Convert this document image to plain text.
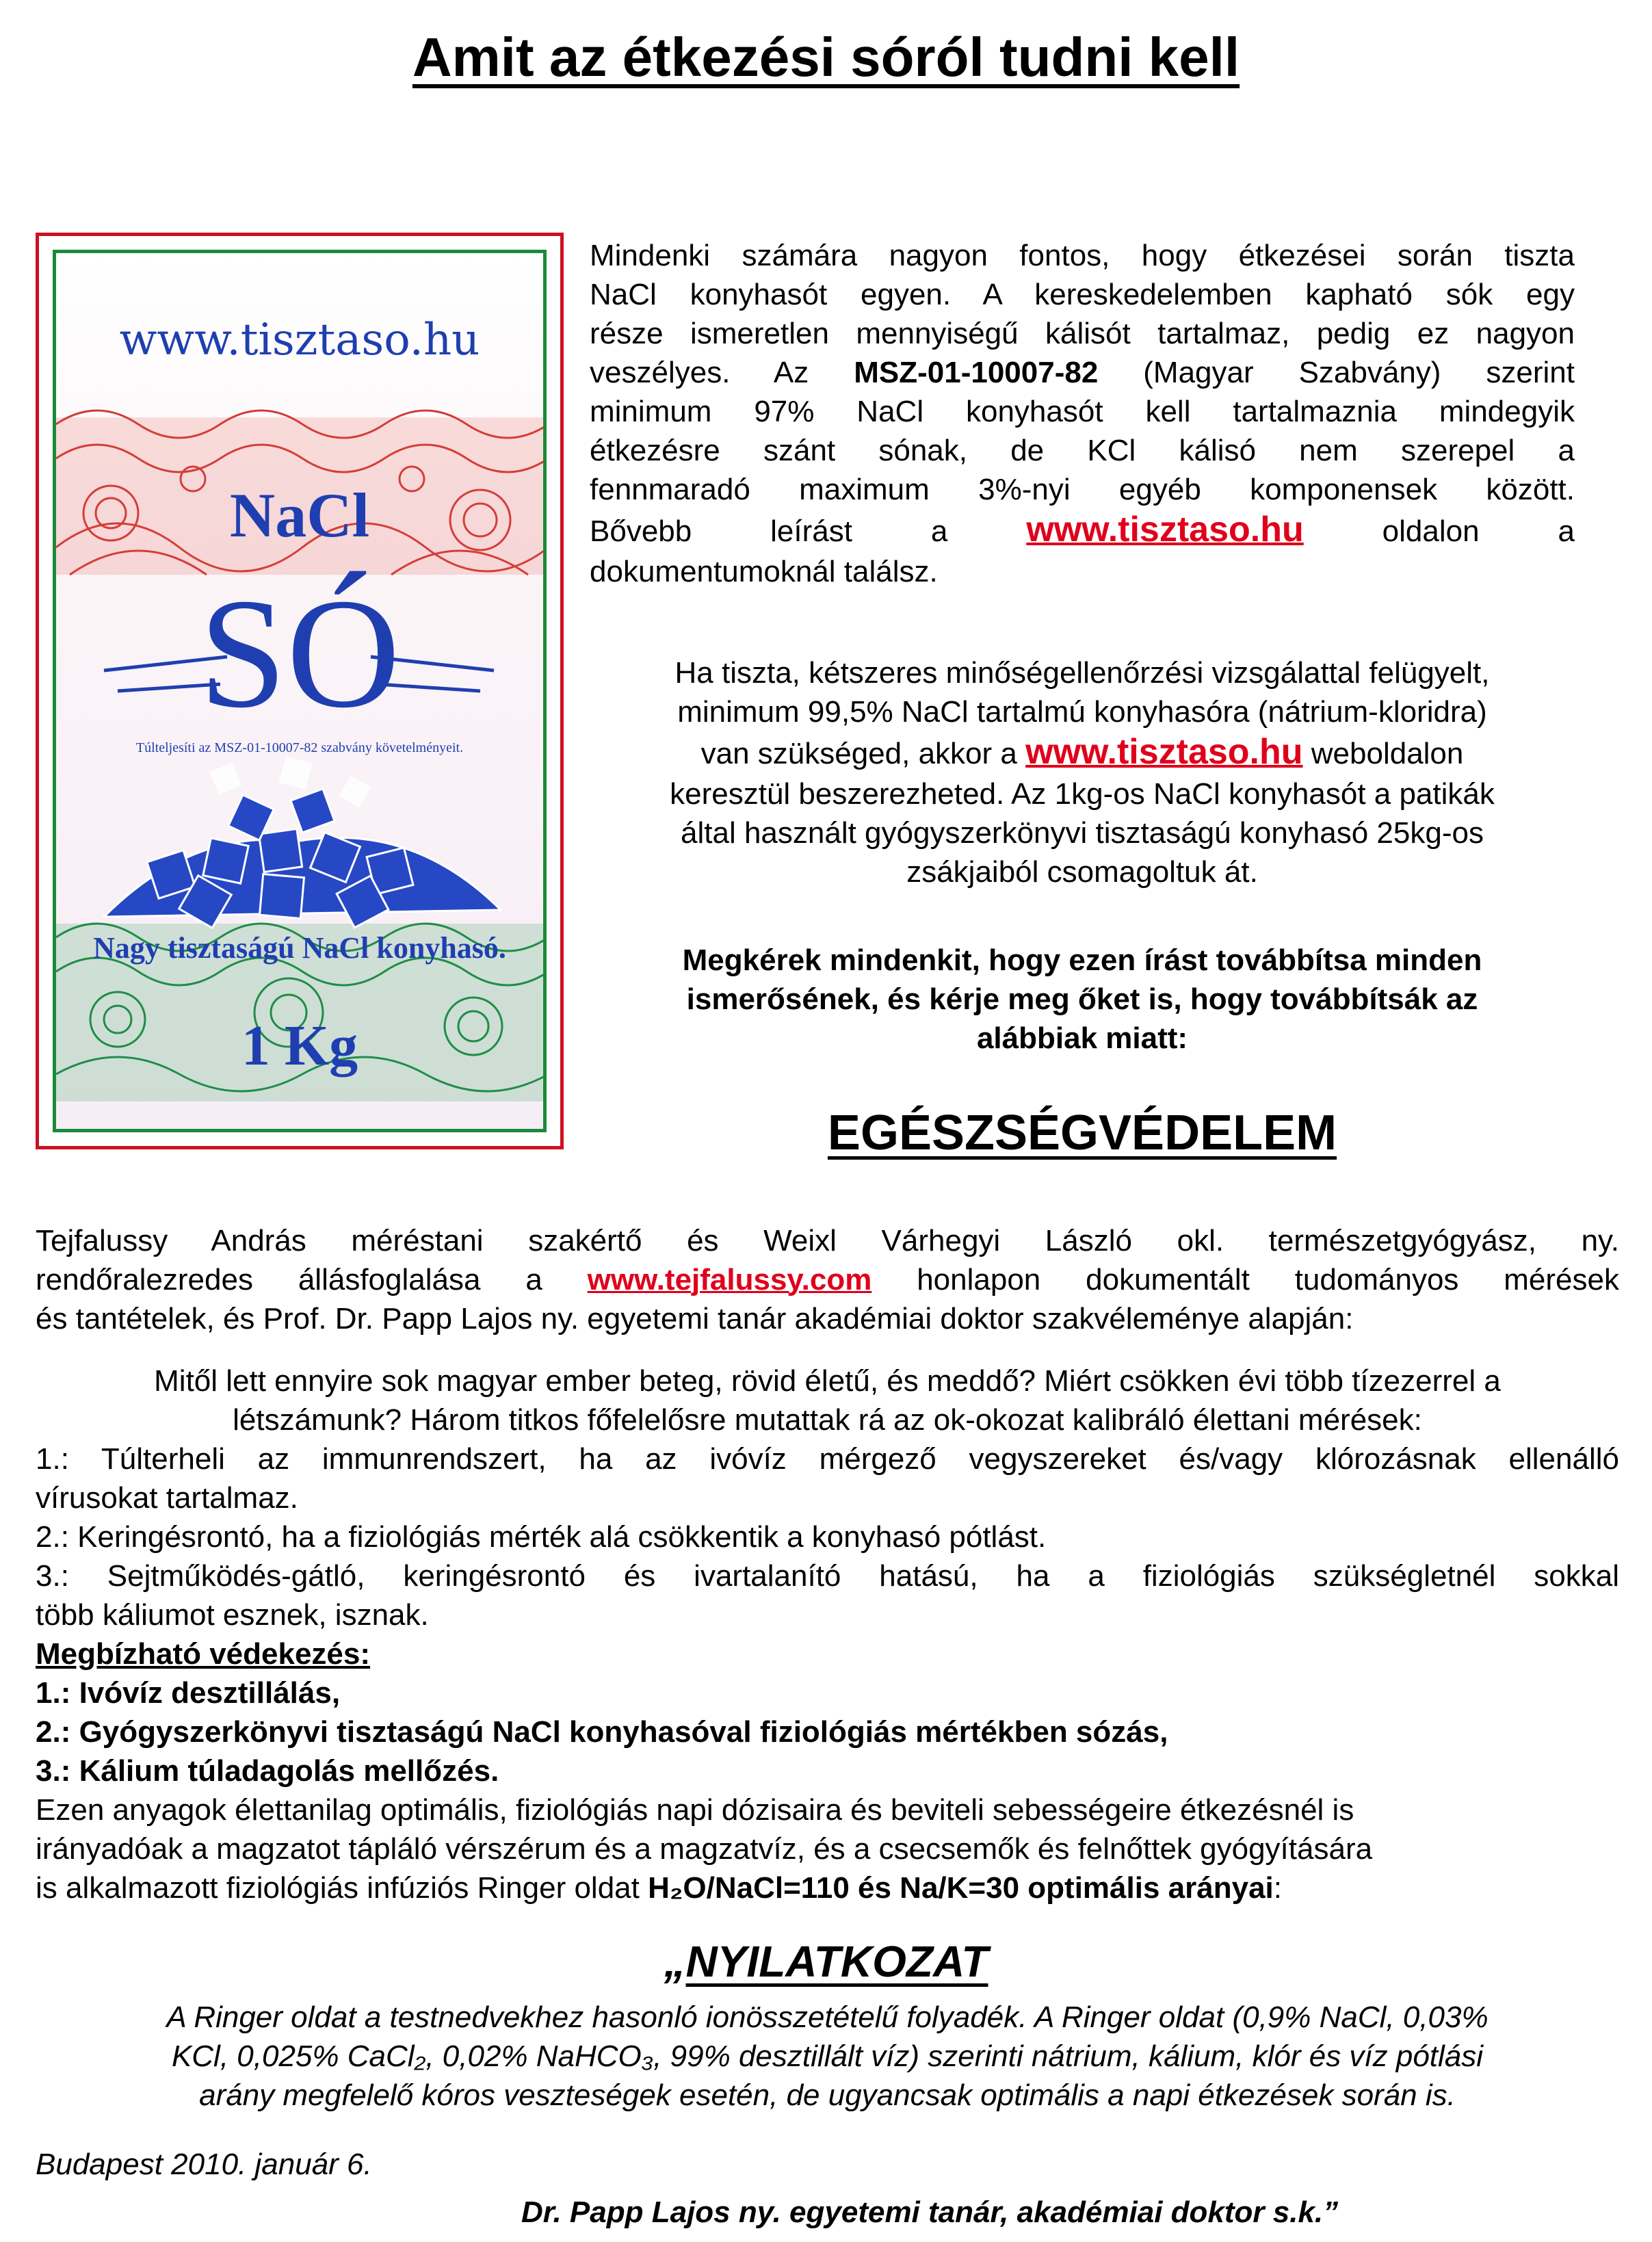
Amit az étkezési sóról tudni kell
www.tisztaso.hu
NaCl
SÓ
Túlteljesíti az MSZ-01-10007-82 szabvány követelményeit.
Nagy tisztaságú NaCl konyhasó.
1 Kg
Mindenki számára nagyon fontos, hogy étkezései során tiszta
NaCl konyhasót egyen. A kereskedelemben kapható sók egy
része ismeretlen mennyiségű kálisót tartalmaz, pedig ez nagyon
veszélyes. Az MSZ-01-10007-82 (Magyar Szabvány) szerint
minimum 97% NaCl konyhasót kell tartalmaznia mindegyik
étkezésre szánt sónak, de KCl kálisó nem szerepel a
fennmaradó maximum 3%-nyi egyéb komponensek között.
Bővebb leírást a www.tisztaso.hu oldalon a
dokumentumoknál találsz.
Ha tiszta, kétszeres minőségellenőrzési vizsgálattal felügyelt,
minimum 99,5% NaCl tartalmú konyhasóra (nátrium-kloridra)
van szükséged, akkor a www.tisztaso.hu weboldalon
keresztül beszerezheted. Az 1kg-os NaCl konyhasót a patikák
által használt gyógyszerkönyvi tisztaságú konyhasó 25kg-os
zsákjaiból csomagoltuk át.
Megkérek mindenkit, hogy ezen írást továbbítsa minden
ismerősének, és kérje meg őket is, hogy továbbítsák az
alábbiak miatt:
EGÉSZSÉGVÉDELEM
Tejfalussy András méréstani szakértő és Weixl Várhegyi László okl. természetgyógyász, ny.
rendőralezredes állásfoglalása a www.tejfalussy.com honlapon dokumentált tudományos mérések
és tantételek, és Prof. Dr. Papp Lajos ny. egyetemi tanár akadémiai doktor szakvéleménye alapján:
Mitől lett ennyire sok magyar ember beteg, rövid életű, és meddő? Miért csökken évi több tízezerrel a
létszámunk? Három titkos főfelelősre mutattak rá az ok-okozat kalibráló élettani mérések:
1.: Túlterheli az immunrendszert, ha az ivóvíz mérgező vegyszereket és/vagy klórozásnak ellenálló
vírusokat tartalmaz.
2.: Keringésrontó, ha a fiziológiás mérték alá csökkentik a konyhasó pótlást.
3.: Sejtműködés-gátló, keringésrontó és ivartalanító hatású, ha a fiziológiás szükségletnél sokkal
több káliumot esznek, isznak.
Megbízható védekezés:
1.: Ivóvíz desztillálás,
2.: Gyógyszerkönyvi tisztaságú NaCl konyhasóval fiziológiás mértékben sózás,
3.: Kálium túladagolás mellőzés.
Ezen anyagok élettanilag optimális, fiziológiás napi dózisaira és beviteli sebességeire étkezésnél is
irányadóak a magzatot tápláló vérszérum és a magzatvíz, és a csecsemők és felnőttek gyógyítására
is alkalmazott fiziológiás infúziós Ringer oldat H₂O/NaCl=110 és Na/K=30 optimális arányai:
„NYILATKOZAT
A Ringer oldat a testnedvekhez hasonló ionösszetételű folyadék. A Ringer oldat (0,9% NaCl, 0,03%
KCl, 0,025% CaCl₂, 0,02% NaHCO₃, 99% desztillált víz) szerinti nátrium, kálium, klór és víz pótlási
arány megfelelő kóros veszteségek esetén, de ugyancsak optimális a napi étkezések során is.
Budapest 2010. január 6.
Dr. Papp Lajos ny. egyetemi tanár, akadémiai doktor s.k.”
